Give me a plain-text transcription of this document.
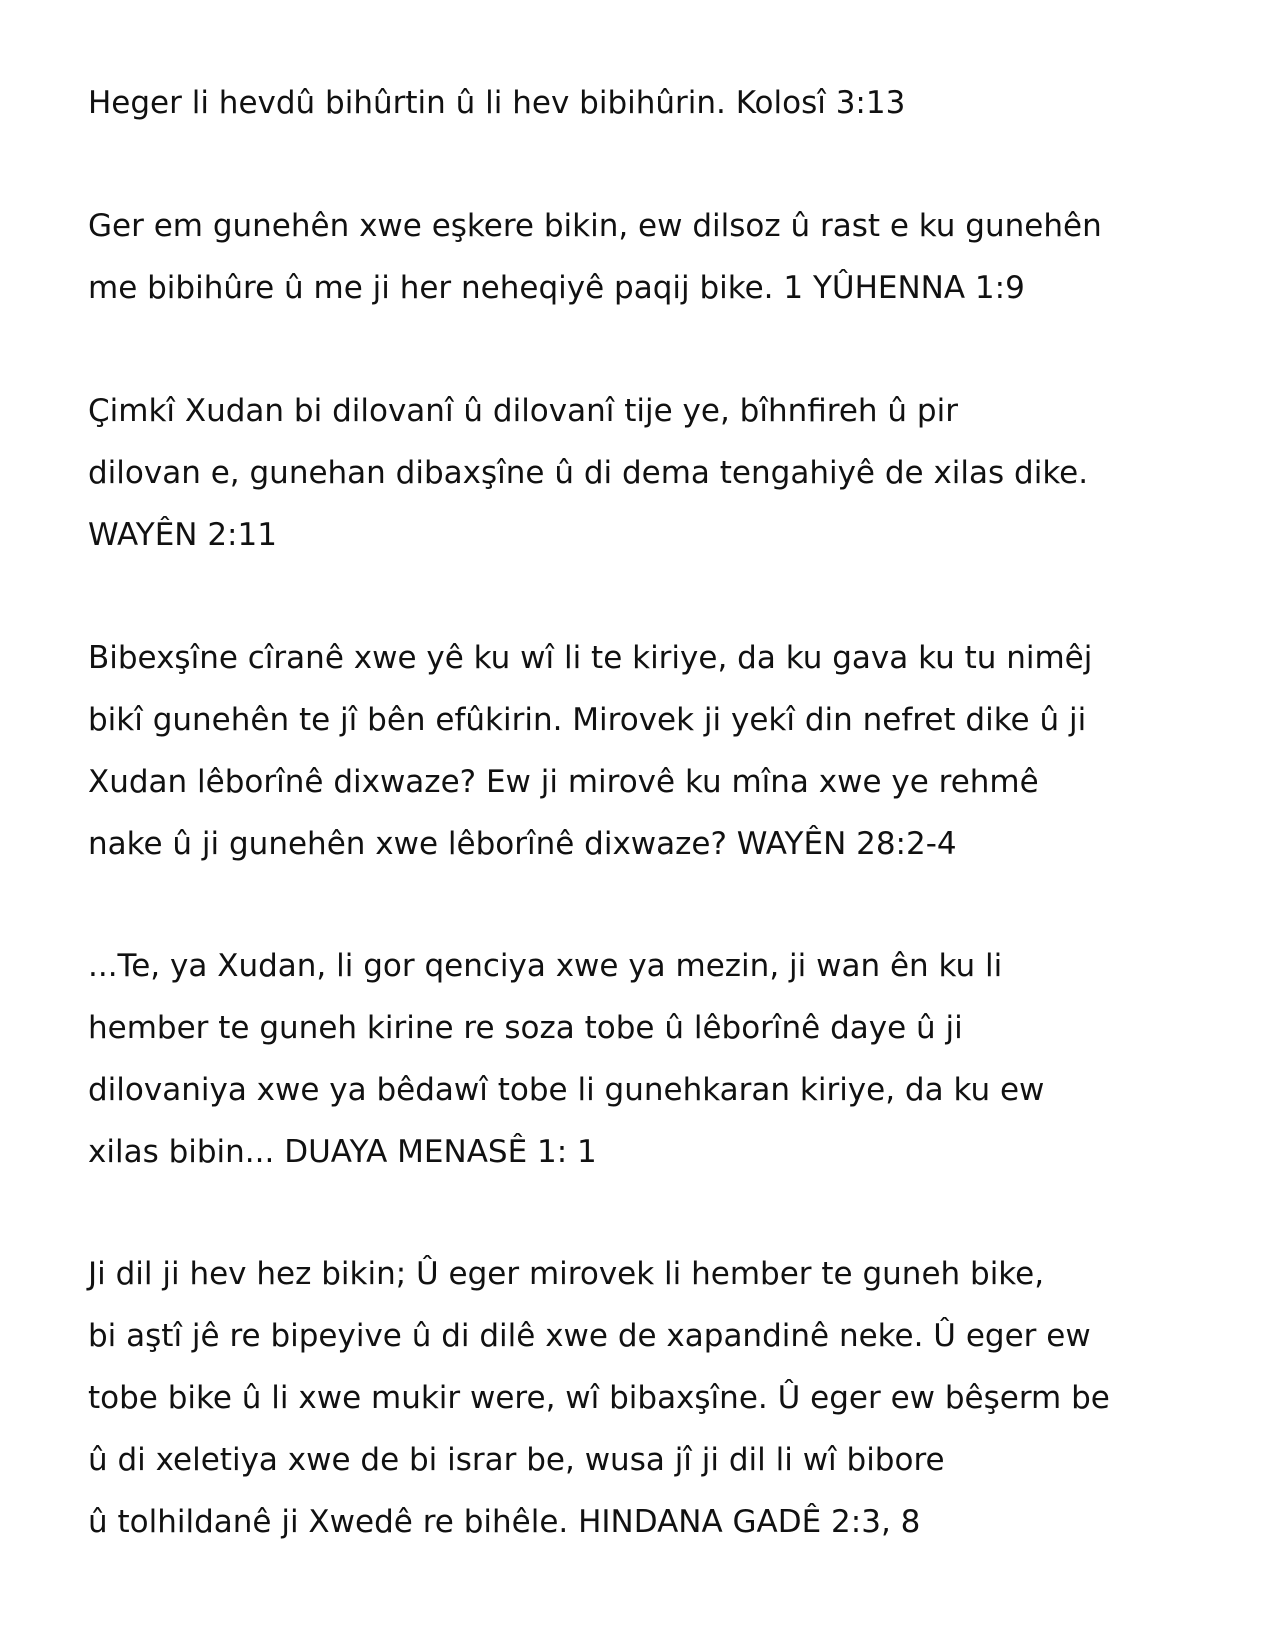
Heger li hevdû bihûrtin û li hev bibihûrin. Kolosî 3:13

Ger em gunehên xwe eşkere bikin, ew dilsoz û rast e ku gunehên
me bibihûre û me ji her neheqiyê paqij bike. 1 YÛHENNA 1:9

Çimkî Xudan bi dilovanî û dilovanî tije ye, bîhnfireh û pir
dilovan e, gunehan dibaxşîne û di dema tengahiyê de xilas dike.
WAYÊN 2:11

Bibexşîne cîranê xwe yê ku wî li te kiriye, da ku gava ku tu nimêj
bikî gunehên te jî bên efûkirin. Mirovek ji yekî din nefret dike û ji
Xudan lêborînê dixwaze? Ew ji mirovê ku mîna xwe ye rehmê
nake û ji gunehên xwe lêborînê dixwaze? WAYÊN 28:2-4

...Te, ya Xudan, li gor qenciya xwe ya mezin, ji wan ên ku li
hember te guneh kirine re soza tobe û lêborînê daye û ji
dilovaniya xwe ya bêdawî tobe li gunehkaran kiriye, da ku ew
xilas bibin... DUAYA MENASÊ 1: 1

Ji dil ji hev hez bikin; Û eger mirovek li hember te guneh bike,
bi aştî jê re bipeyive û di dilê xwe de xapandinê neke. Û eger ew
tobe bike û li xwe mukir were, wî bibaxşîne. Û eger ew bêşerm be
û di xeletiya xwe de bi israr be, wusa jî ji dil li wî bibore
û tolhildanê ji Xwedê re bihêle. HINDANA GADÊ 2:3, 8
